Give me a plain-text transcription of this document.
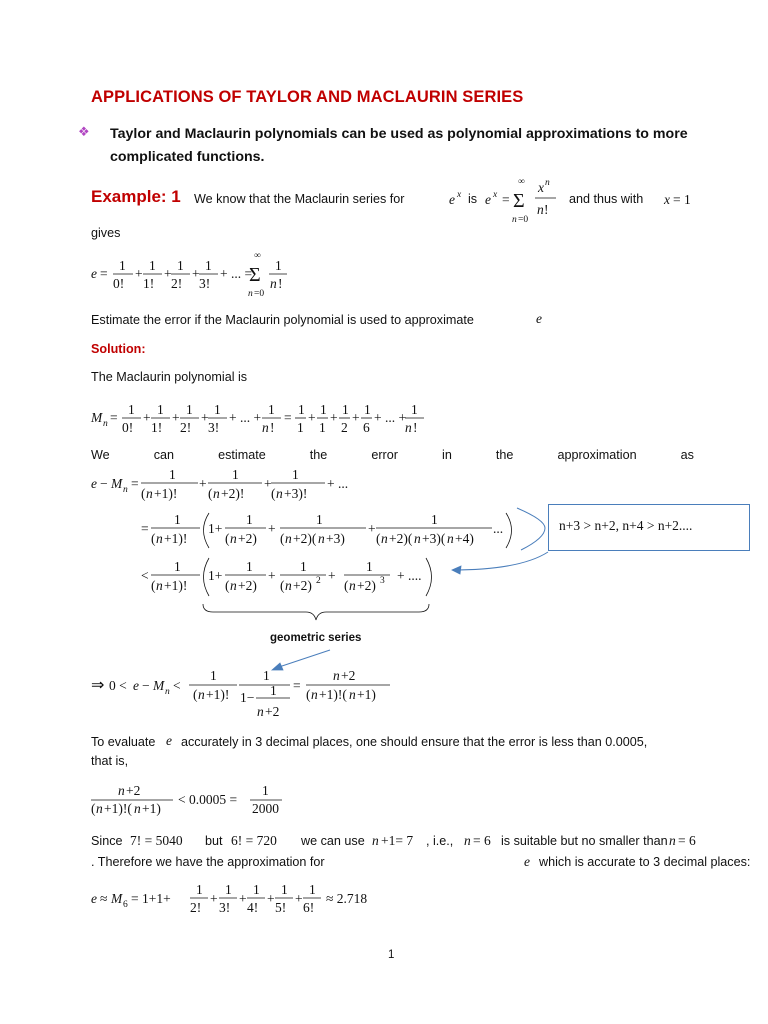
APPLICATIONS OF TAYLOR AND MACLAURIN SERIES
❖ Taylor and Maclaurin polynomials can be used as polynomial approximations to more complicated functions.
Example: 1 We know that the Maclaurin series for	is	and thus with
e x e x = Σ
∞
n =0
x n
n !
x = 1
e =
1
0!
+
1
1!
+
1
2!
+
1
3!
+ ... =
Σ
∞
n =0
1
n !
M n =
1
0!
+
1
1!
+
1
2!
+
1
3!
+ ... +
1
n !
=
1
1
+
1
1
+
1
2
+
1
6
+ ... +
1
n !
e − M n =
1
( n +1)!
+
1
( n +2)!
+
1
( n +3)!
+ ...
=
1
( n +1)!
1+
1
( n +2)
+
1
( n +2)( n +3)
+
1
( n +2)( n +3)( n +4)
...
<
1
( n +1)!
1+
1
( n +2)
+
1
( n +2) 2 +
1
( n +2) 3 + ....
⇒ 0 < e − M n <
1
( n +1)!
1
1− 1
n +2
=
n +2
( n +1)!( n +1)
n +2
( n +1)!( n +1)
< 0.0005 =
1
2000
7! = 5040	6! = 720	n +1= 7	n = 6	n = 6
e
e ≈ M 6 = 1+1+
1
2!
+
1
3!
+
1
4!
+
1
5!
+
1
6!
≈ 2.718
gives
Estimate the error if the Maclaurin polynomial is used to approximate	e
Solution:
The Maclaurin polynomial is
We	can	estimate	the	error	in	the	approximation	as
n+3 > n+2, n+4 > n+2....
geometric series
To evaluate e accurately in 3 decimal places, one should ensure that the error is less than 0.0005,
that is,
Since	but	we can use	, i.e.,	is suitable but no smaller than
. Therefore we have the approximation for	which is accurate to 3 decimal places:
1
